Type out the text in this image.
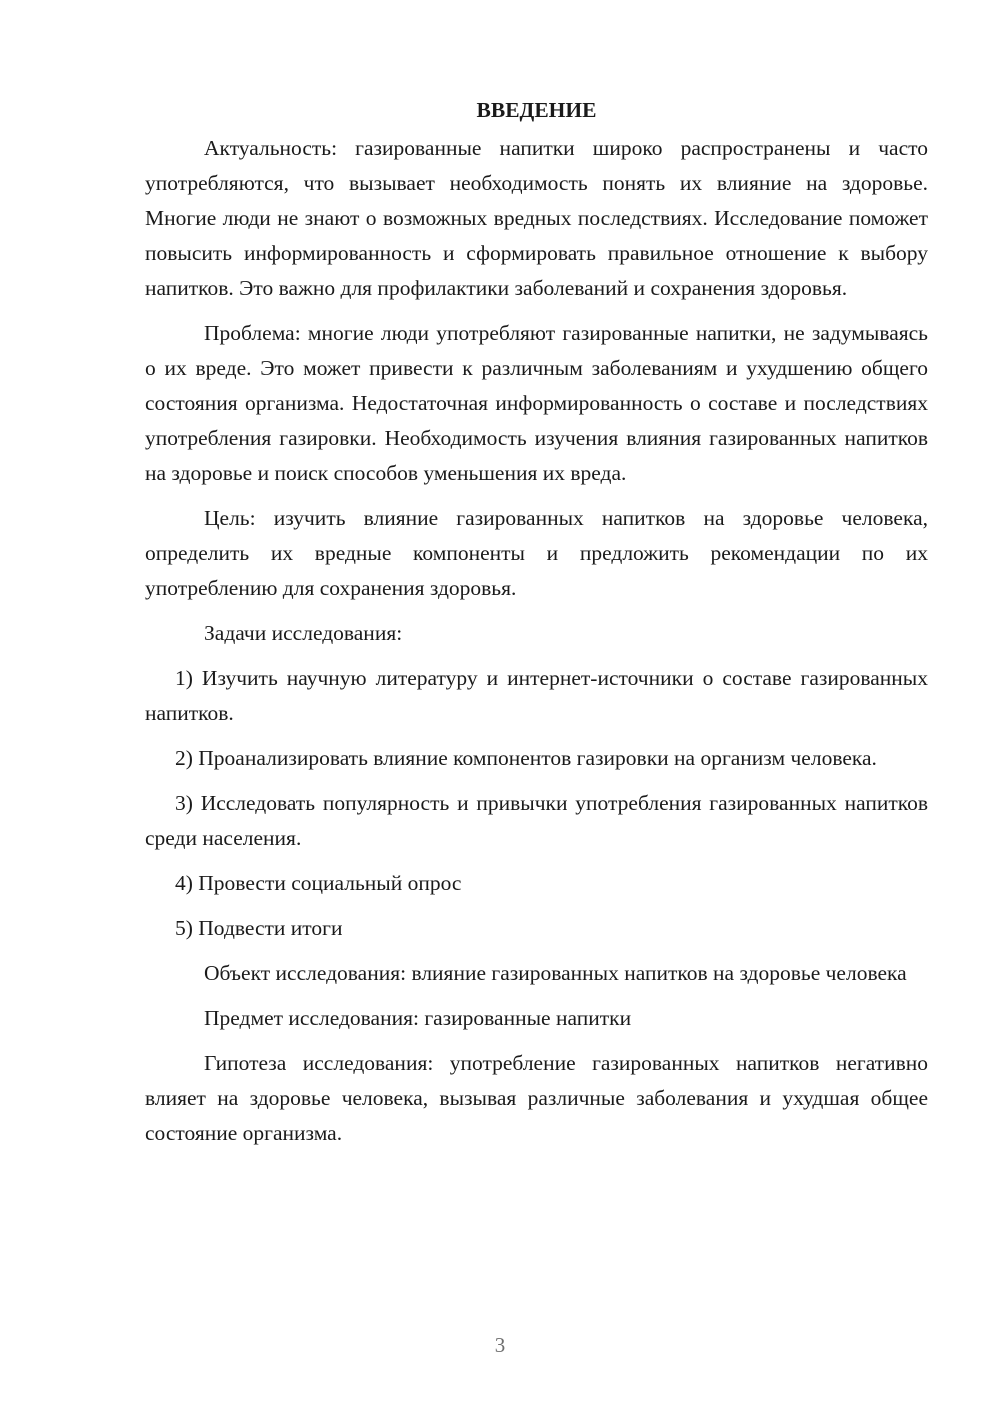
ВВЕДЕНИЕ

Актуальность: газированные напитки широко распространены и часто употребляются, что вызывает необходимость понять их влияние на здоровье. Многие люди не знают о возможных вредных последствиях. Исследование поможет повысить информированность и сформировать правильное отношение к выбору напитков. Это важно для профилактики заболеваний и сохранения здоровья.

Проблема: многие люди употребляют газированные напитки, не задумываясь о их вреде. Это может привести к различным заболеваниям и ухудшению общего состояния организма. Недостаточная информированность о составе и последствиях употребления газировки. Необходимость изучения влияния газированных напитков на здоровье и поиск способов уменьшения их вреда.

Цель: изучить влияние газированных напитков на здоровье человека, определить их вредные компоненты и предложить рекомендации по их употреблению для сохранения здоровья.

Задачи исследования:

1) Изучить научную литературу и интернет-источники о составе газированных напитков.

2) Проанализировать влияние компонентов газировки на организм человека.

3) Исследовать популярность и привычки употребления газированных напитков среди населения.

4) Провести социальный опрос

5) Подвести итоги

Объект исследования: влияние газированных напитков на здоровье человека

Предмет исследования: газированные напитки

Гипотеза исследования: употребление газированных напитков негативно влияет на здоровье человека, вызывая различные заболевания и ухудшая общее состояние организма.

3
